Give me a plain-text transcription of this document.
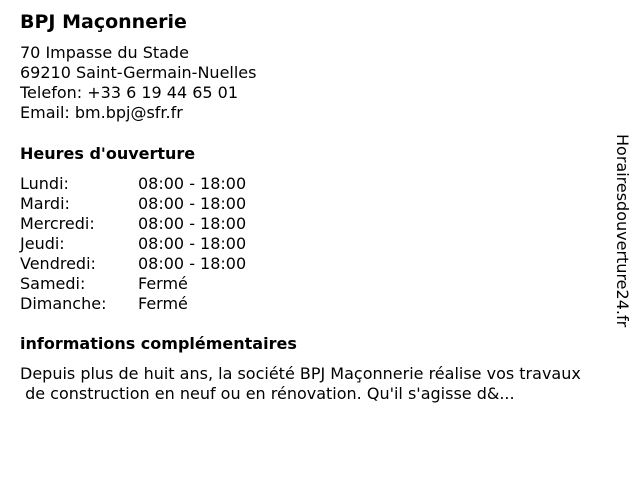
BPJ Maçonnerie
70 Impasse du Stade
69210 Saint-Germain-Nuelles
Telefon: +33 6 19 44 65 01
Email: bm.bpj@sfr.fr
Heures d'ouverture
Lundi:	08:00 - 18:00
Mardi:	08:00 - 18:00
Mercredi:	08:00 - 18:00
Jeudi:	08:00 - 18:00
Vendredi:	08:00 - 18:00
Samedi:	Fermé
Dimanche: Fermé
informations complémentaires
Depuis plus de huit ans, la société BPJ Maçonnerie réalise vos travaux
de construction en neuf ou en rénovation. Qu'il s'agisse d&...
Horairesdouverture24.fr
